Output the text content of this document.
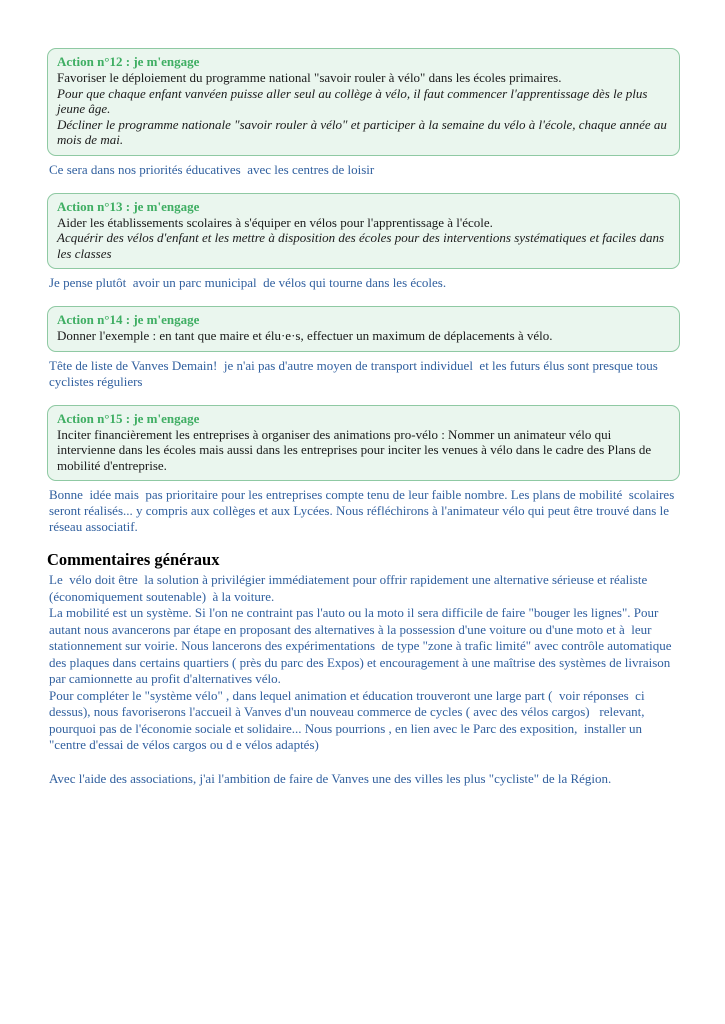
Action n°12 : je m'engage
Favoriser le déploiement du programme national "savoir rouler à vélo" dans les écoles primaires.
Pour que chaque enfant vanvéen puisse aller seul au collège à vélo, il faut commencer l'apprentissage dès le plus jeune âge.
Décliner le programme nationale "savoir rouler à vélo" et participer à la semaine du vélo à l'école, chaque année au mois de mai.

Ce sera dans nos priorités éducatives  avec les centres de loisir

Action n°13 : je m'engage
Aider les établissements scolaires à s'équiper en vélos pour l'apprentissage à l'école.
Acquérir des vélos d'enfant et les mettre à disposition des écoles pour des interventions systématiques et faciles dans les classes

Je pense plutôt  avoir un parc municipal  de vélos qui tourne dans les écoles.

Action n°14 : je m'engage
Donner l'exemple : en tant que maire et élu·e·s, effectuer un maximum de déplacements à vélo.

Tête de liste de Vanves Demain!  je n'ai pas d'autre moyen de transport individuel  et les futurs élus sont presque tous cyclistes réguliers

Action n°15 : je m'engage
Inciter financièrement les entreprises à organiser des animations pro-vélo : Nommer un animateur vélo qui intervienne dans les écoles mais aussi dans les entreprises pour inciter les venues à vélo dans le cadre des Plans de mobilité d'entreprise.

Bonne  idée mais  pas prioritaire pour les entreprises compte tenu de leur faible nombre. Les plans de mobilité  scolaires seront réalisés... y compris aux collèges et aux Lycées. Nous réfléchirons à l'animateur vélo qui peut être trouvé dans le réseau associatif.

Commentaires généraux

Le  vélo doit être  la solution à privilégier immédiatement pour offrir rapidement une alternative sérieuse et réaliste (économiquement soutenable)  à la voiture.

La mobilité est un système. Si l'on ne contraint pas l'auto ou la moto il sera difficile de faire "bouger les lignes". Pour autant nous avancerons par étape en proposant des alternatives à la possession d'une voiture ou d'une moto et à  leur stationnement sur voirie. Nous lancerons des expérimentations  de type "zone à trafic limité" avec contrôle automatique des plaques dans certains quartiers ( près du parc des Expos) et encouragement à une maîtrise des systèmes de livraison par camionnette au profit d'alternatives vélo.

Pour compléter le "système vélo" , dans lequel animation et éducation trouveront une large part (  voir réponses  ci dessus), nous favoriserons l'accueil à Vanves d'un nouveau commerce de cycles ( avec des vélos cargos)   relevant, pourquoi pas de l'économie sociale et solidaire... Nous pourrions , en lien avec le Parc des exposition,  installer un "centre d'essai de vélos cargos ou d e vélos adaptés)

Avec l'aide des associations, j'ai l'ambition de faire de Vanves une des villes les plus "cycliste" de la Région.
